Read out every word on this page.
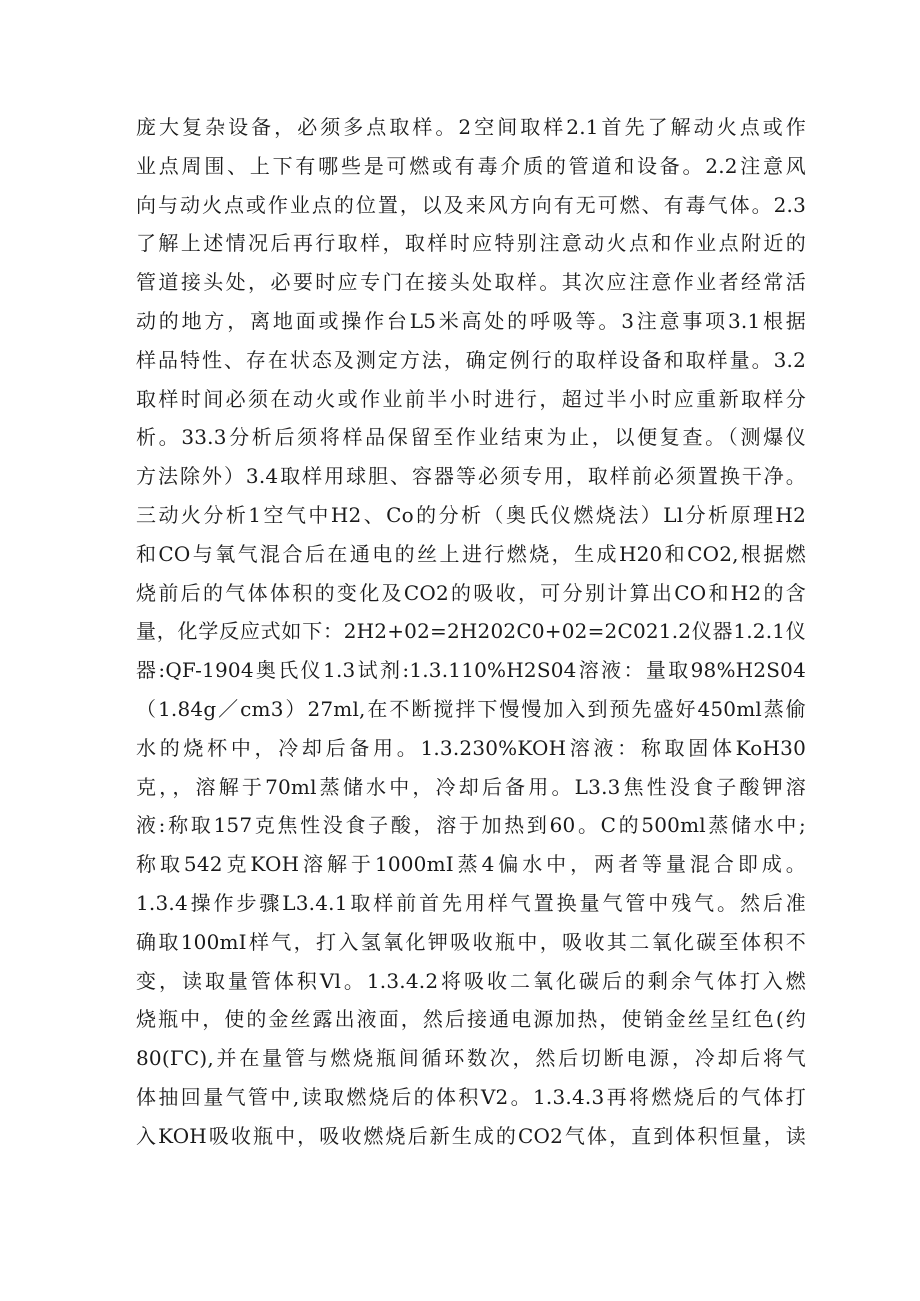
庞大复杂设备，必须多点取样。2空间取样2.1首先了解动火点或作
业点周围、上下有哪些是可燃或有毒介质的管道和设备。2.2注意风
向与动火点或作业点的位置，以及来风方向有无可燃、有毒气体。2.3
了解上述情况后再行取样，取样时应特别注意动火点和作业点附近的
管道接头处，必要时应专门在接头处取样。其次应注意作业者经常活
动的地方，离地面或操作台L5米高处的呼吸等。3注意事项3.1根据
样品特性、存在状态及测定方法，确定例行的取样设备和取样量。3.2
取样时间必须在动火或作业前半小时进行，超过半小时应重新取样分
析。33.3分析后须将样品保留至作业结束为止，以便复查。（测爆仪
方法除外）3.4取样用球胆、容器等必须专用，取样前必须置换干净。
三动火分析1空气中H2、Co的分析（奥氏仪燃烧法）Ll分析原理H2
和CO与氧气混合后在通电的丝上进行燃烧，生成H20和CO2,根据燃
烧前后的气体体积的变化及CO2的吸收，可分别计算出CO和H2的含
量，化学反应式如下：2H2+02=2H202C0+02=2C021.2仪器1.2.1仪
器:QF-1904奥氏仪1.3试剂:1.3.110%H2S04溶液：量取98%H2S04
（1.84g／cm3）27ml,在不断搅拌下慢慢加入到预先盛好450ml蒸偷
水的烧杯中，冷却后备用。1.3.230%KOH溶液：称取固体KoH30
克，，溶解于70ml蒸储水中，冷却后备用。L3.3焦性没食子酸钾溶
液:称取157克焦性没食子酸，溶于加热到60。C的500ml蒸储水中;
称取542克KOH溶解于1000mI蒸4偏水中，两者等量混合即成。
1.3.4操作步骤L3.4.1取样前首先用样气置换量气管中残气。然后准
确取100mI样气，打入氢氧化钾吸收瓶中，吸收其二氧化碳至体积不
变，读取量管体积Vl。1.3.4.2将吸收二氧化碳后的剩余气体打入燃
烧瓶中，使的金丝露出液面，然后接通电源加热，使销金丝呈红色(约
80(ΓC),并在量管与燃烧瓶间循环数次，然后切断电源，冷却后将气
体抽回量气管中,读取燃烧后的体积V2。1.3.4.3再将燃烧后的气体打
入KOH吸收瓶中，吸收燃烧后新生成的CO2气体，直到体积恒量，读
